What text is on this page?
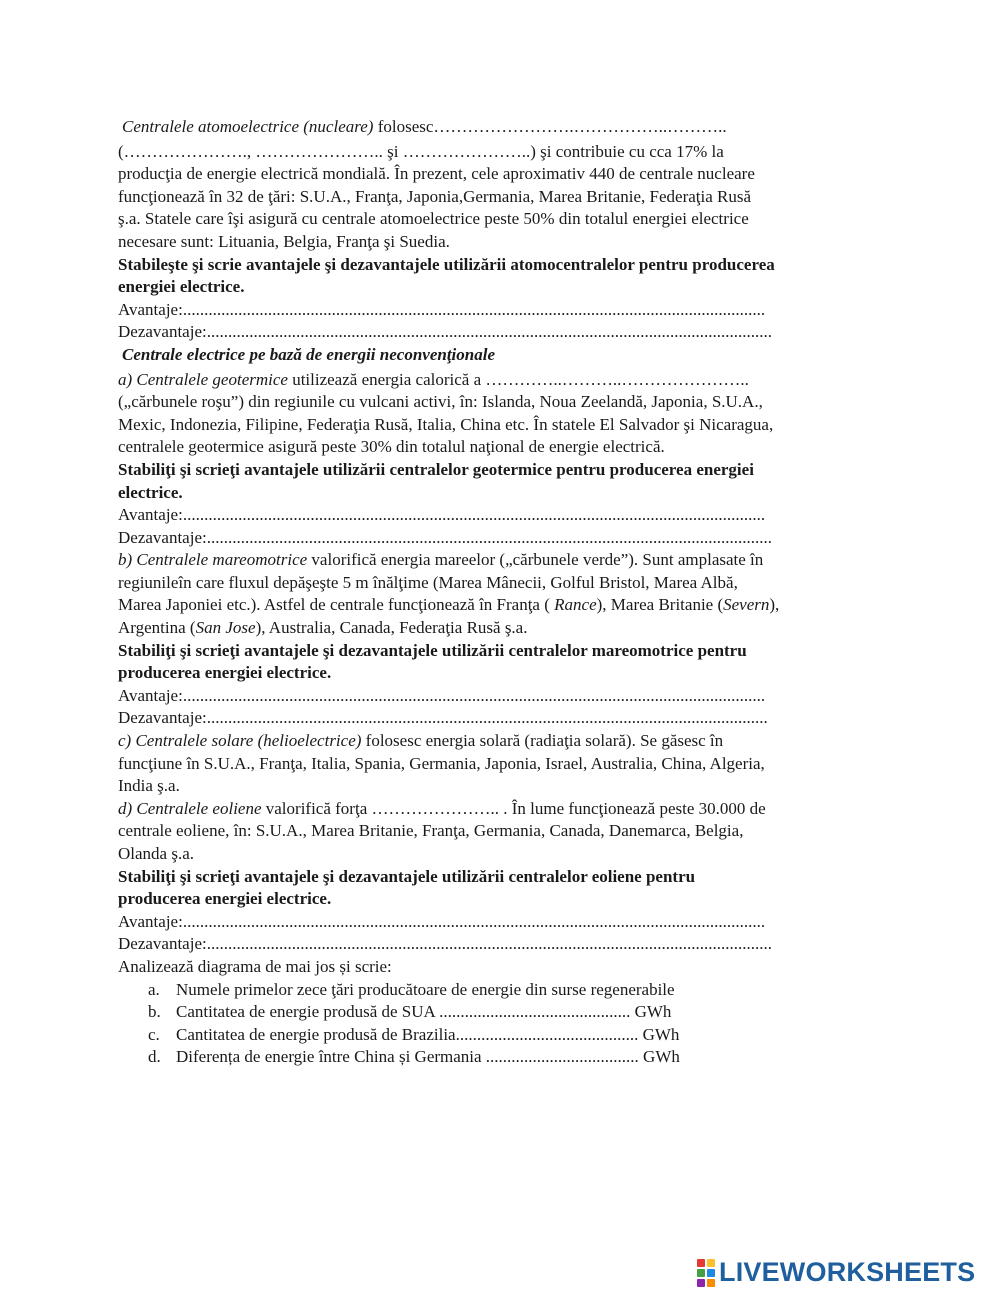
Centralele atomoelectrice (nucleare) folosesc…………………….……………..………..
(…………………., ………………….. şi …………………..) şi contribuie cu cca 17% la
producţia de energie electrică mondială. În prezent, cele aproximativ 440 de centrale nucleare
funcţionează în 32 de ţări: S.U.A., Franţa, Japonia,Germania, Marea Britanie, Federaţia Rusă
ş.a. Statele care îşi asigură cu centrale atomoelectrice peste 50% din totalul energiei electrice
necesare sunt: Lituania, Belgia, Franţa şi Suedia.
Stabileşte şi scrie avantajele şi dezavantajele utilizării atomocentralelor pentru producerea
energiei electrice.
Avantaje:.........................................................................................................................................
Dezavantaje:.....................................................................................................................................
Centrale electrice pe bază de energii neconvenţionale
a) Centralele geotermice utilizează energia calorică a …………..………..…………………..
(„cărbunele roşu”) din regiunile cu vulcani activi, în: Islanda, Noua Zeelandă, Japonia, S.U.A.,
Mexic, Indonezia, Filipine, Federaţia Rusă, Italia, China etc. În statele El Salvador şi Nicaragua,
centralele geotermice asigură peste 30% din totalul naţional de energie electrică.
Stabiliţi şi scrieţi avantajele utilizării centralelor geotermice pentru producerea energiei
electrice.
Avantaje:.........................................................................................................................................
Dezavantaje:.....................................................................................................................................
b) Centralele mareomotrice valorifică energia mareelor („cărbunele verde”). Sunt amplasate în
regiunileîn care fluxul depăşeşte 5 m înălţime (Marea Mânecii, Golful Bristol, Marea Albă,
Marea Japoniei etc.). Astfel de centrale funcţionează în Franţa ( Rance), Marea Britanie (Severn),
Argentina (San Jose), Australia, Canada, Federaţia Rusă ş.a.
Stabiliţi şi scrieţi avantajele şi dezavantajele utilizării centralelor mareomotrice pentru
producerea energiei electrice.
Avantaje:.........................................................................................................................................
Dezavantaje:....................................................................................................................................
c) Centralele solare (helioelectrice) folosesc energia solară (radiaţia solară). Se găsesc în
funcţiune în S.U.A., Franţa, Italia, Spania, Germania, Japonia, Israel, Australia, China, Algeria,
India ş.a.
d) Centralele eoliene valorifică forţa ………………….. . În lume funcţionează peste 30.000 de
centrale eoliene, în: S.U.A., Marea Britanie, Franţa, Germania, Canada, Danemarca, Belgia,
Olanda ş.a.
Stabiliţi şi scrieţi avantajele şi dezavantajele utilizării centralelor eoliene pentru
producerea energiei electrice.
Avantaje:.........................................................................................................................................
Dezavantaje:.....................................................................................................................................
Analizează diagrama de mai jos și scrie:
a. Numele primelor zece ţări producătoare de energie din surse regenerabile
b. Cantitatea de energie produsă de SUA ............................................. GWh
c. Cantitatea de energie produsă de Brazilia........................................... GWh
d. Diferența de energie între China și Germania .................................... GWh
LIVEWORKSHEETS
